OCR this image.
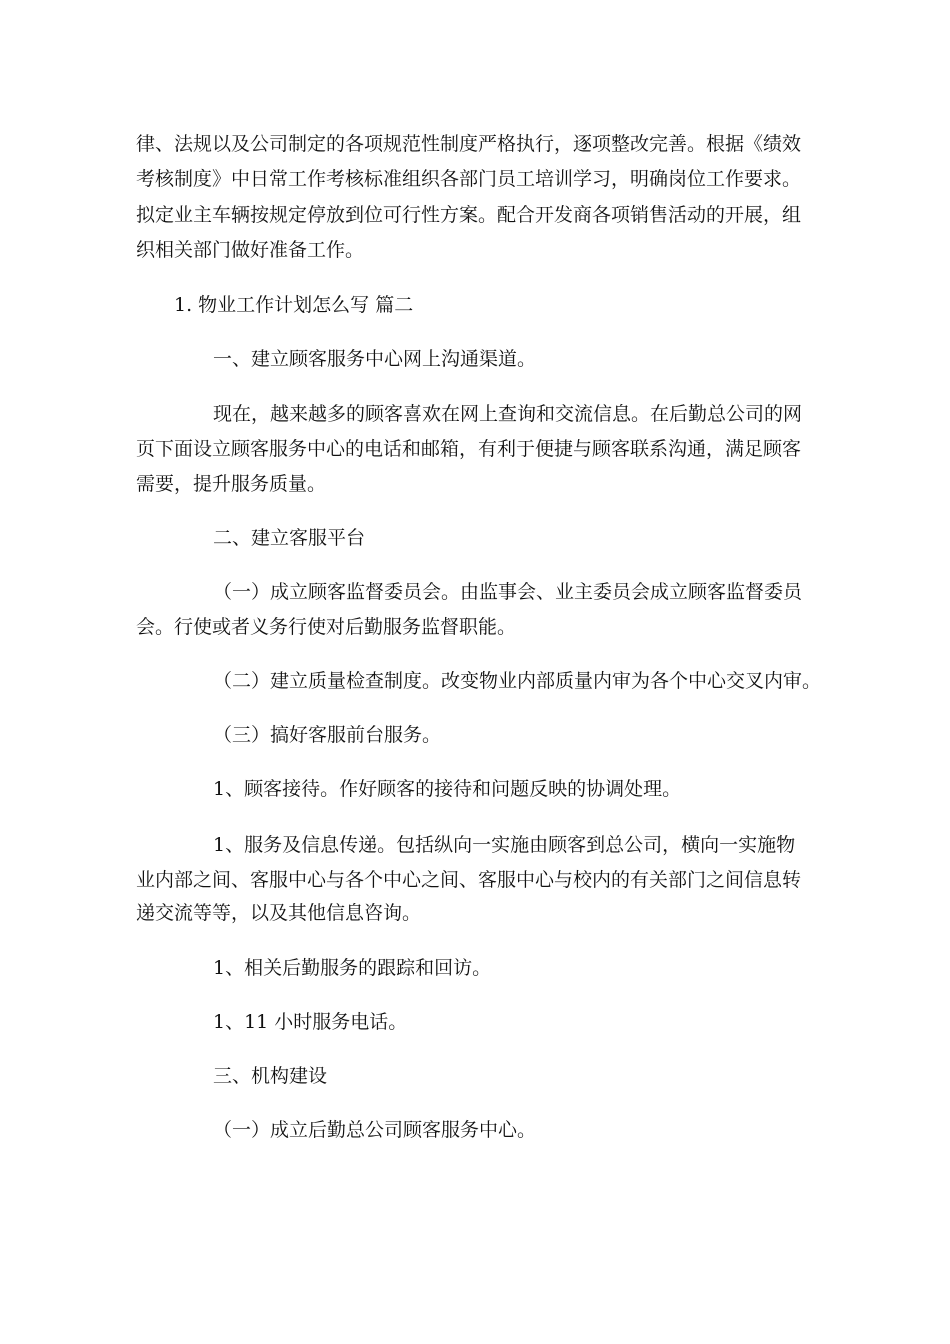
律、法规以及公司制定的各项规范性制度严格执行，逐项整改完善。根据《绩效

考核制度》中日常工作考核标准组织各部门员工培训学习，明确岗位工作要求。

拟定业主车辆按规定停放到位可行性方案。配合开发商各项销售活动的开展，组

织相关部门做好准备工作。

1. 物业工作计划怎么写 篇二

一、建立顾客服务中心网上沟通渠道。

现在，越来越多的顾客喜欢在网上查询和交流信息。在后勤总公司的网

页下面设立顾客服务中心的电话和邮箱，有利于便捷与顾客联系沟通，满足顾客

需要，提升服务质量。

二、建立客服平台

（一）成立顾客监督委员会。由监事会、业主委员会成立顾客监督委员

会。行使或者义务行使对后勤服务监督职能。

（二）建立质量检查制度。改变物业内部质量内审为各个中心交叉内审。

（三）搞好客服前台服务。

1、顾客接待。作好顾客的接待和问题反映的协调处理。

1、服务及信息传递。包括纵向一实施由顾客到总公司，横向一实施物

业内部之间、客服中心与各个中心之间、客服中心与校内的有关部门之间信息转

递交流等等，以及其他信息咨询。

1、相关后勤服务的跟踪和回访。

1、11 小时服务电话。

三、机构建设

（一）成立后勤总公司顾客服务中心。
